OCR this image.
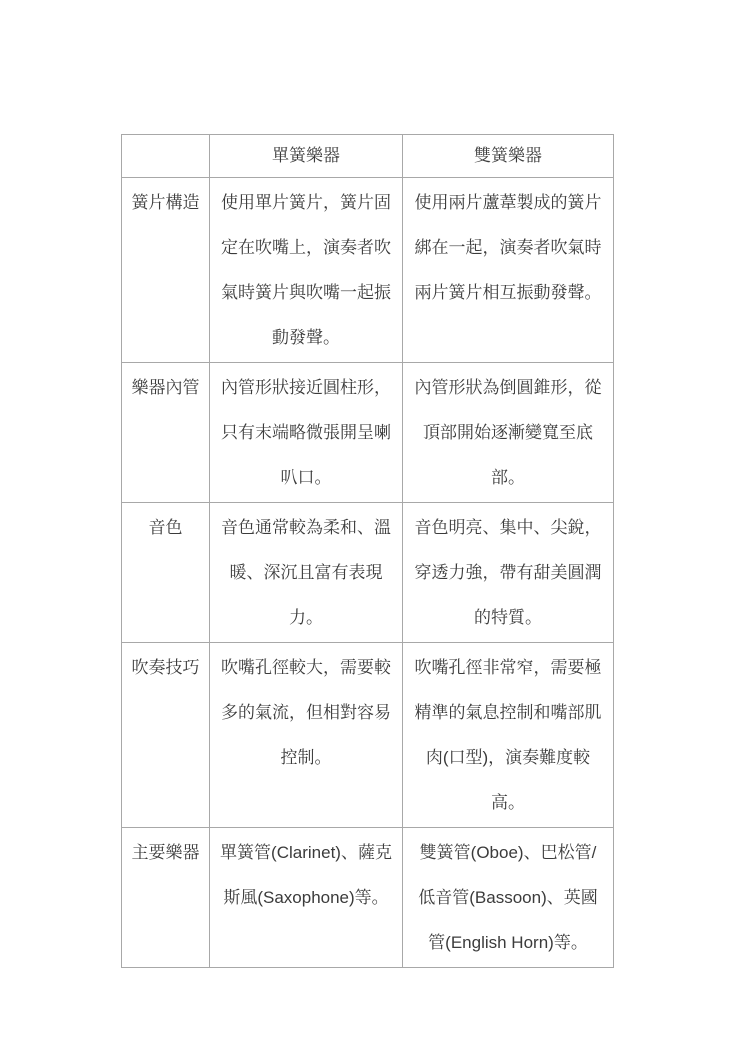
	單簧樂器	雙簧樂器
簧片構造	使用單片簧片，簧片固定在吹嘴上，演奏者吹氣時簧片與吹嘴一起振動發聲。	使用兩片蘆葦製成的簧片綁在一起，演奏者吹氣時兩片簧片相互振動發聲。
樂器內管	內管形狀接近圓柱形，只有末端略微張開呈喇叭口。	內管形狀為倒圓錐形，從頂部開始逐漸變寬至底部。
音色	音色通常較為柔和、溫暖、深沉且富有表現力。	音色明亮、集中、尖銳，穿透力強，帶有甜美圓潤的特質。
吹奏技巧	吹嘴孔徑較大，需要較多的氣流，但相對容易控制。	吹嘴孔徑非常窄，需要極精準的氣息控制和嘴部肌肉(口型)，演奏難度較高。
主要樂器	單簧管(Clarinet)、薩克斯風(Saxophone)等。	雙簧管(Oboe)、巴松管/低音管(Bassoon)、英國管(English Horn)等。
